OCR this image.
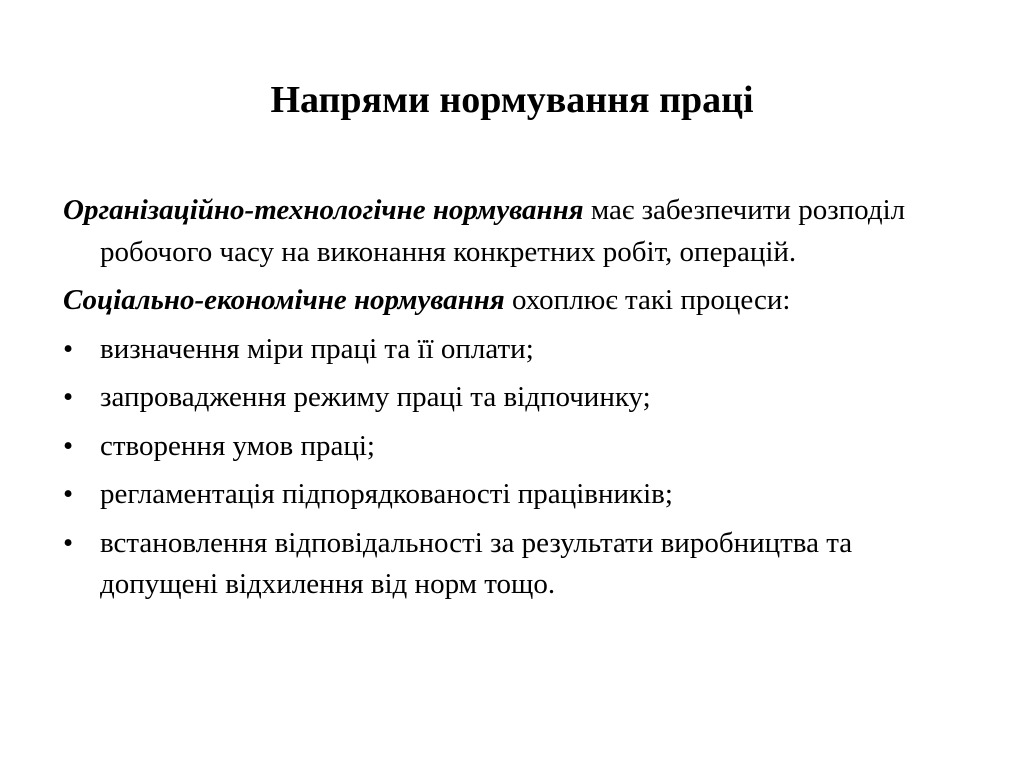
Напрями нормування праці

Організаційно-технологічне нормування має забезпечити розподіл робочого часу на виконання конкретних робіт, операцій.

Соціально-економічне нормування охоплює такі процеси:

• визначення міри праці та її оплати;
• запровадження режиму праці та відпочинку;
• створення умов праці;
• регламентація підпорядкованості працівників;
• встановлення відповідальності за результати виробництва та допущені відхилення від норм тощо.
